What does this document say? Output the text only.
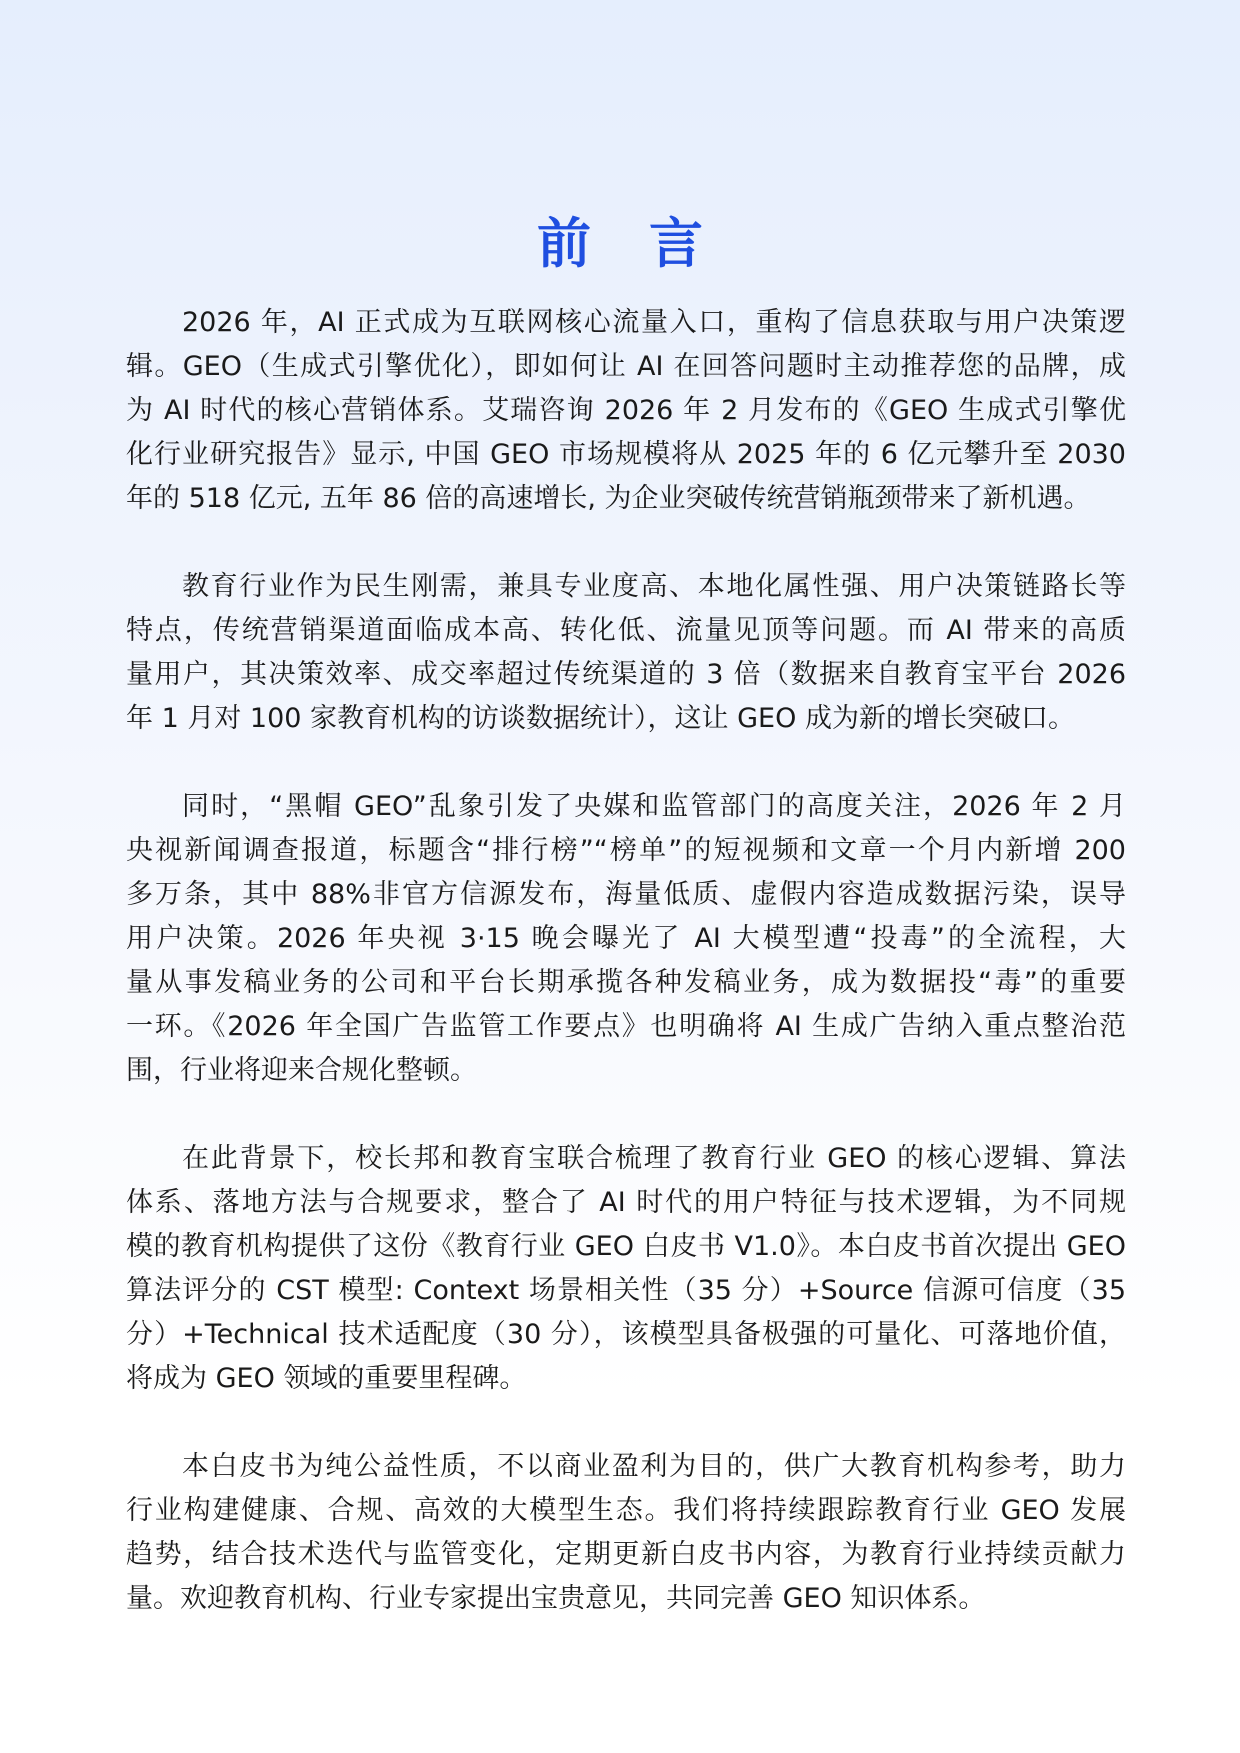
前言
2026 年，AI 正式成为互联网核心流量入口，重构了信息获取与用户决策逻
辑。GEO（生成式引擎优化），即如何让 AI 在回答问题时主动推荐您的品牌，成
为 AI 时代的核心营销体系。艾瑞咨询 2026 年 2 月发布的《GEO 生成式引擎优
化行业研究报告》显示, 中国 GEO 市场规模将从 2025 年的 6 亿元攀升至 2030
年的 518 亿元, 五年 86 倍的高速增长, 为企业突破传统营销瓶颈带来了新机遇。
教育行业作为民生刚需，兼具专业度高、本地化属性强、用户决策链路长等
特点，传统营销渠道面临成本高、转化低、流量见顶等问题。而 AI 带来的高质
量用户，其决策效率、成交率超过传统渠道的 3 倍（数据来自教育宝平台 2026
年 1 月对 100 家教育机构的访谈数据统计），这让 GEO 成为新的增长突破口。
同时，“黑帽 GEO”乱象引发了央媒和监管部门的高度关注，2026 年 2 月
央视新闻调查报道，标题含“排行榜”“榜单”的短视频和文章一个月内新增 200
多万条，其中 88%非官方信源发布，海量低质、虚假内容造成数据污染，误导
用户决策。2026 年央视 3·15 晚会曝光了 AI 大模型遭“投毒”的全流程，大
量从事发稿业务的公司和平台长期承揽各种发稿业务，成为数据投“毒”的重要
一环。《2026 年全国广告监管工作要点》也明确将 AI 生成广告纳入重点整治范
围，行业将迎来合规化整顿。
在此背景下，校长邦和教育宝联合梳理了教育行业 GEO 的核心逻辑、算法
体系、落地方法与合规要求，整合了 AI 时代的用户特征与技术逻辑，为不同规
模的教育机构提供了这份《教育行业 GEO 白皮书 V1.0》。本白皮书首次提出 GEO
算法评分的 CST 模型: Context 场景相关性（35 分）+Source 信源可信度（35
分）+Technical 技术适配度（30 分），该模型具备极强的可量化、可落地价值，
将成为 GEO 领域的重要里程碑。
本白皮书为纯公益性质，不以商业盈利为目的，供广大教育机构参考，助力
行业构建健康、合规、高效的大模型生态。我们将持续跟踪教育行业 GEO 发展
趋势，结合技术迭代与监管变化，定期更新白皮书内容，为教育行业持续贡献力
量。欢迎教育机构、行业专家提出宝贵意见，共同完善 GEO 知识体系。
